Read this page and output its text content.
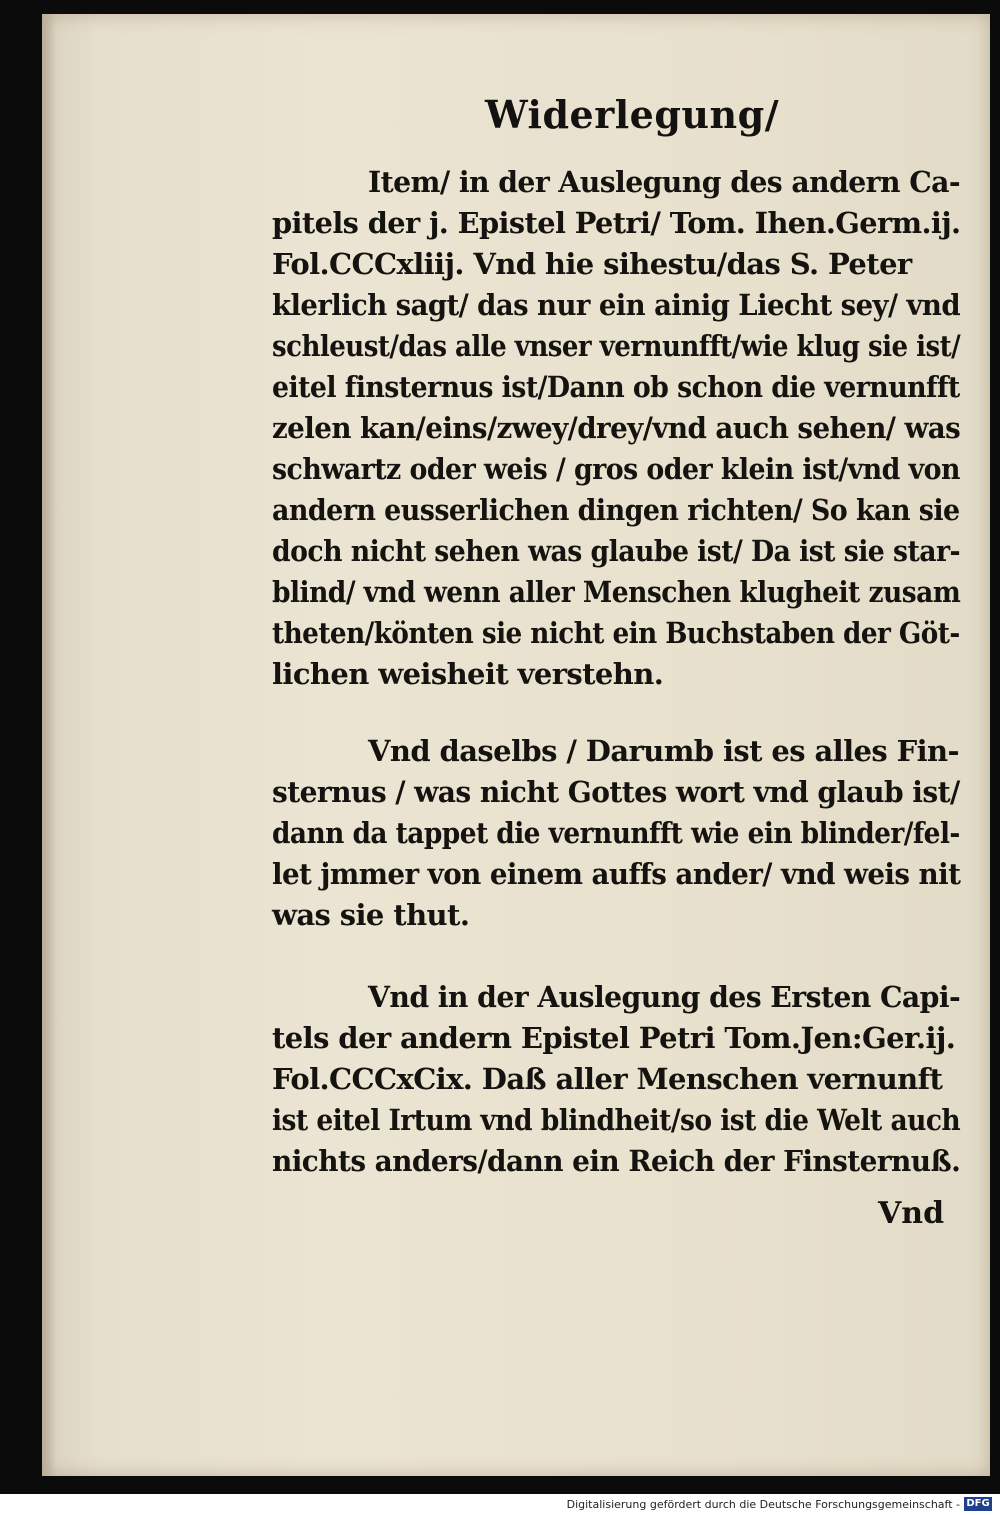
Widerlegung/
Item/ in der Auslegung des andern Ca-
pitels der j. Epistel Petri/ Tom. Ihen.Germ.ij.
Fol.CCCxliij. Vnd hie sihestu/das S. Peter
klerlich sagt/ das nur ein ainig Liecht sey/ vnd
schleust/das alle vnser vernunfft/wie klug sie ist/
eitel finsternus ist/Dann ob schon die vernunfft
zelen kan/eins/zwey/drey/vnd auch sehen/ was
schwartz oder weis / gros oder klein ist/vnd von
andern eusserlichen dingen richten/ So kan sie
doch nicht sehen was glaube ist/ Da ist sie star-
blind/ vnd wenn aller Menschen klugheit zusam
theten/könten sie nicht ein Buchstaben der Göt-
lichen weisheit verstehn.
Vnd daselbs / Darumb ist es alles Fin-
sternus / was nicht Gottes wort vnd glaub ist/
dann da tappet die vernunfft wie ein blinder/fel-
let jmmer von einem auffs ander/ vnd weis nit
was sie thut.
Vnd in der Auslegung des Ersten Capi-
tels der andern Epistel Petri Tom.Jen:Ger.ij.
Fol.CCCxCix. Daß aller Menschen vernunft
ist eitel Irtum vnd blindheit/so ist die Welt auch
nichts anders/dann ein Reich der Finsternuß.
Vnd
Digitalisierung gefördert durch die Deutsche Forschungsgemeinschaft - DFG
